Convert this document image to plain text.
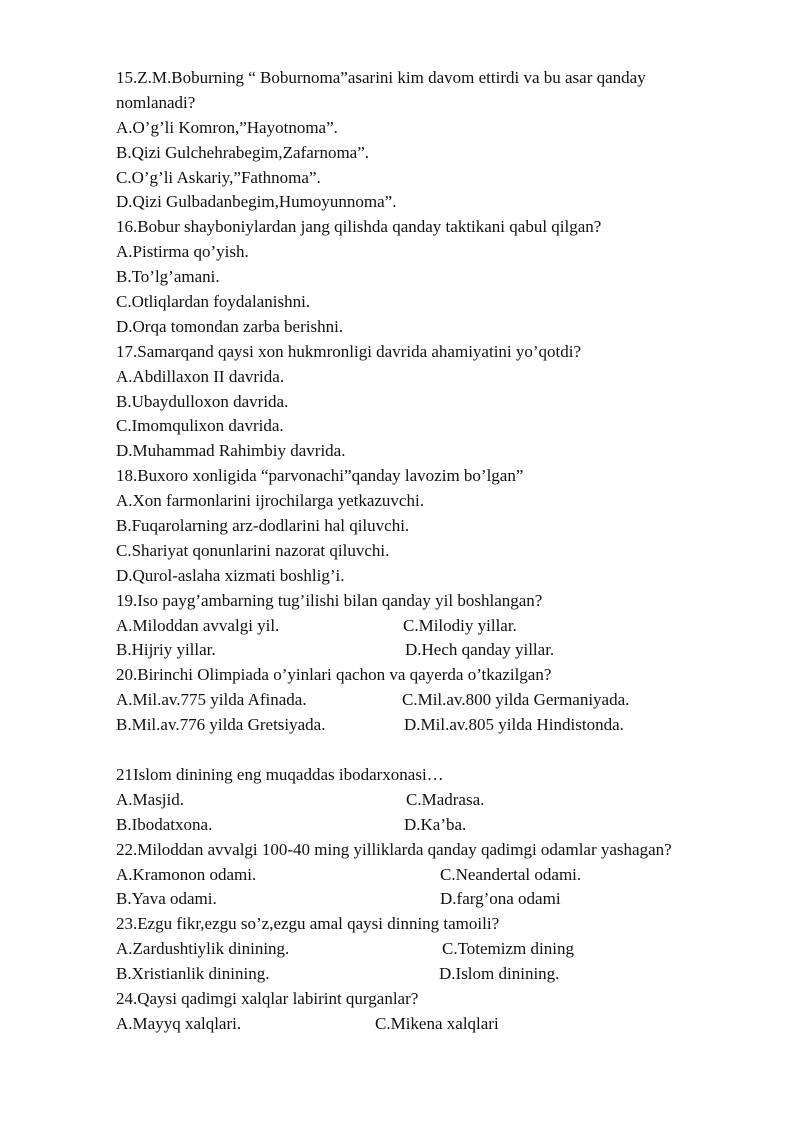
15.Z.M.Boburning “ Boburnoma”asarini kim davom ettirdi va bu asar qanday
nomlanadi?
A.O’g’li Komron,”Hayotnoma”.
B.Qizi Gulchehrabegim,Zafarnoma”.
C.O’g’li Askariy,”Fathnoma”.
D.Qizi Gulbadanbegim,Humoyunnoma”.
16.Bobur shayboniylardan jang qilishda qanday taktikani qabul qilgan?
A.Pistirma qo’yish.
B.To’lg’amani.
C.Otliqlardan foydalanishni.
D.Orqa tomondan zarba berishni.
17.Samarqand qaysi xon hukmronligi davrida ahamiyatini yo’qotdi?
A.Abdillaxon II davrida.
B.Ubaydulloxon davrida.
C.Imomqulixon davrida.
D.Muhammad Rahimbiy davrida.
18.Buxoro xonligida “parvonachi”qanday lavozim bo’lgan”
A.Xon farmonlarini ijrochilarga yetkazuvchi.
B.Fuqarolarning arz-dodlarini hal qiluvchi.
C.Shariyat qonunlarini nazorat qiluvchi.
D.Qurol-aslaha xizmati boshlig’i.
19.Iso payg’ambarning tug’ilishi bilan qanday yil boshlangan?
A.Miloddan avvalgi yil.	C.Milodiy yillar.
B.Hijriy yillar.	D.Hech qanday yillar.
20.Birinchi Olimpiada o’yinlari qachon va qayerda o’tkazilgan?
A.Mil.av.775 yilda Afinada.	C.Mil.av.800 yilda Germaniyada.
B.Mil.av.776 yilda Gretsiyada.	D.Mil.av.805 yilda Hindistonda.
21Islom dinining eng muqaddas ibodarxonasi…
A.Masjid.	C.Madrasa.
B.Ibodatxona.	D.Ka’ba.
22.Miloddan avvalgi 100-40 ming yilliklarda qanday qadimgi odamlar yashagan?
A.Kramonon odami.	C.Neandertal odami.
B.Yava odami.	D.farg’ona odami
23.Ezgu fikr,ezgu so’z,ezgu amal qaysi dinning tamoili?
A.Zardushtiylik dinining.	C.Totemizm dining
B.Xristianlik dinining.	D.Islom dinining.
24.Qaysi qadimgi xalqlar labirint qurganlar?
A.Mayyq xalqlari.	C.Mikena xalqlari
